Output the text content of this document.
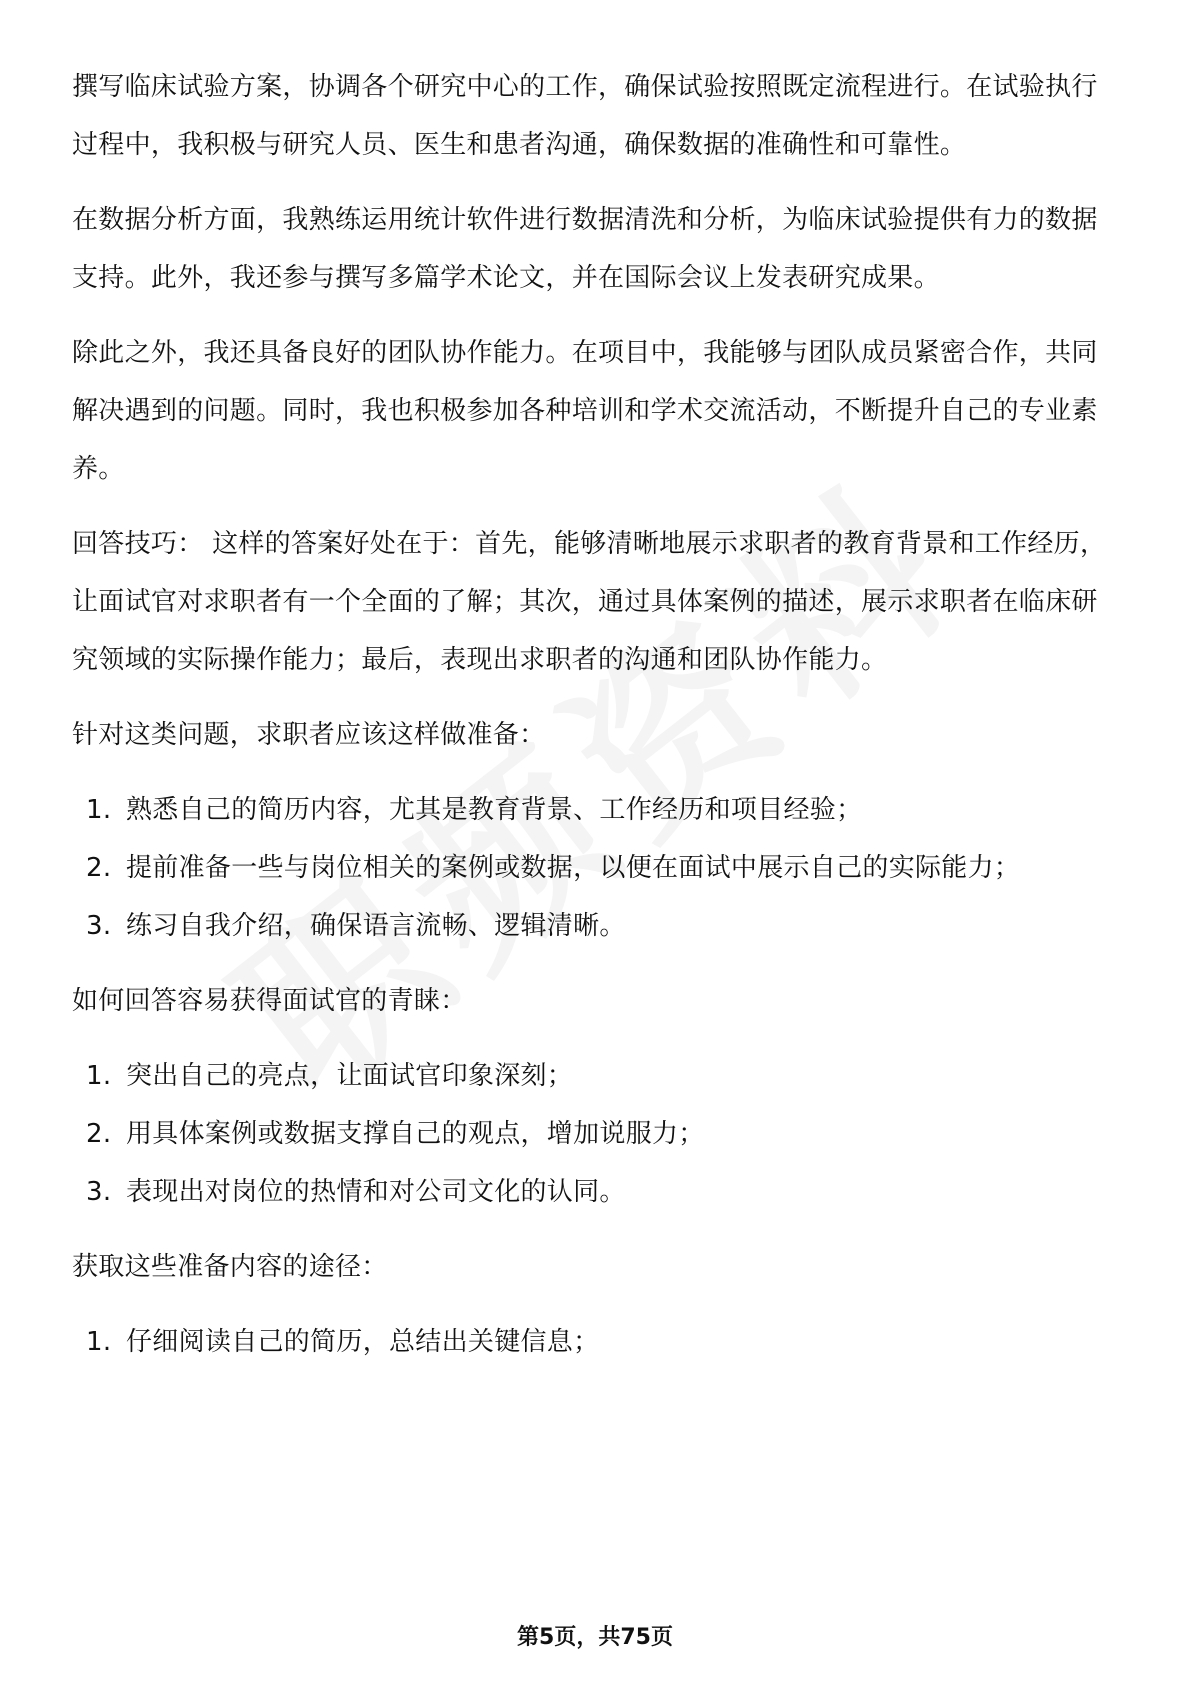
撰写临床试验方案，协调各个研究中心的工作，确保试验按照既定流程进行。在试验执行过程中，我积极与研究人员、医生和患者沟通，确保数据的准确性和可靠性。

在数据分析方面，我熟练运用统计软件进行数据清洗和分析，为临床试验提供有力的数据支持。此外，我还参与撰写多篇学术论文，并在国际会议上发表研究成果。

除此之外，我还具备良好的团队协作能力。在项目中，我能够与团队成员紧密合作，共同解决遇到的问题。同时，我也积极参加各种培训和学术交流活动，不断提升自己的专业素养。

回答技巧： 这样的答案好处在于：首先，能够清晰地展示求职者的教育背景和工作经历，让面试官对求职者有一个全面的了解；其次，通过具体案例的描述，展示求职者在临床研究领域的实际操作能力；最后，表现出求职者的沟通和团队协作能力。

针对这类问题，求职者应该这样做准备：

1. 熟悉自己的简历内容，尤其是教育背景、工作经历和项目经验；
2. 提前准备一些与岗位相关的案例或数据，以便在面试中展示自己的实际能力；
3. 练习自我介绍，确保语言流畅、逻辑清晰。

如何回答容易获得面试官的青睐：

1. 突出自己的亮点，让面试官印象深刻；
2. 用具体案例或数据支撑自己的观点，增加说服力；
3. 表现出对岗位的热情和对公司文化的认同。

获取这些准备内容的途径：

1. 仔细阅读自己的简历，总结出关键信息；
第5页，共75页
